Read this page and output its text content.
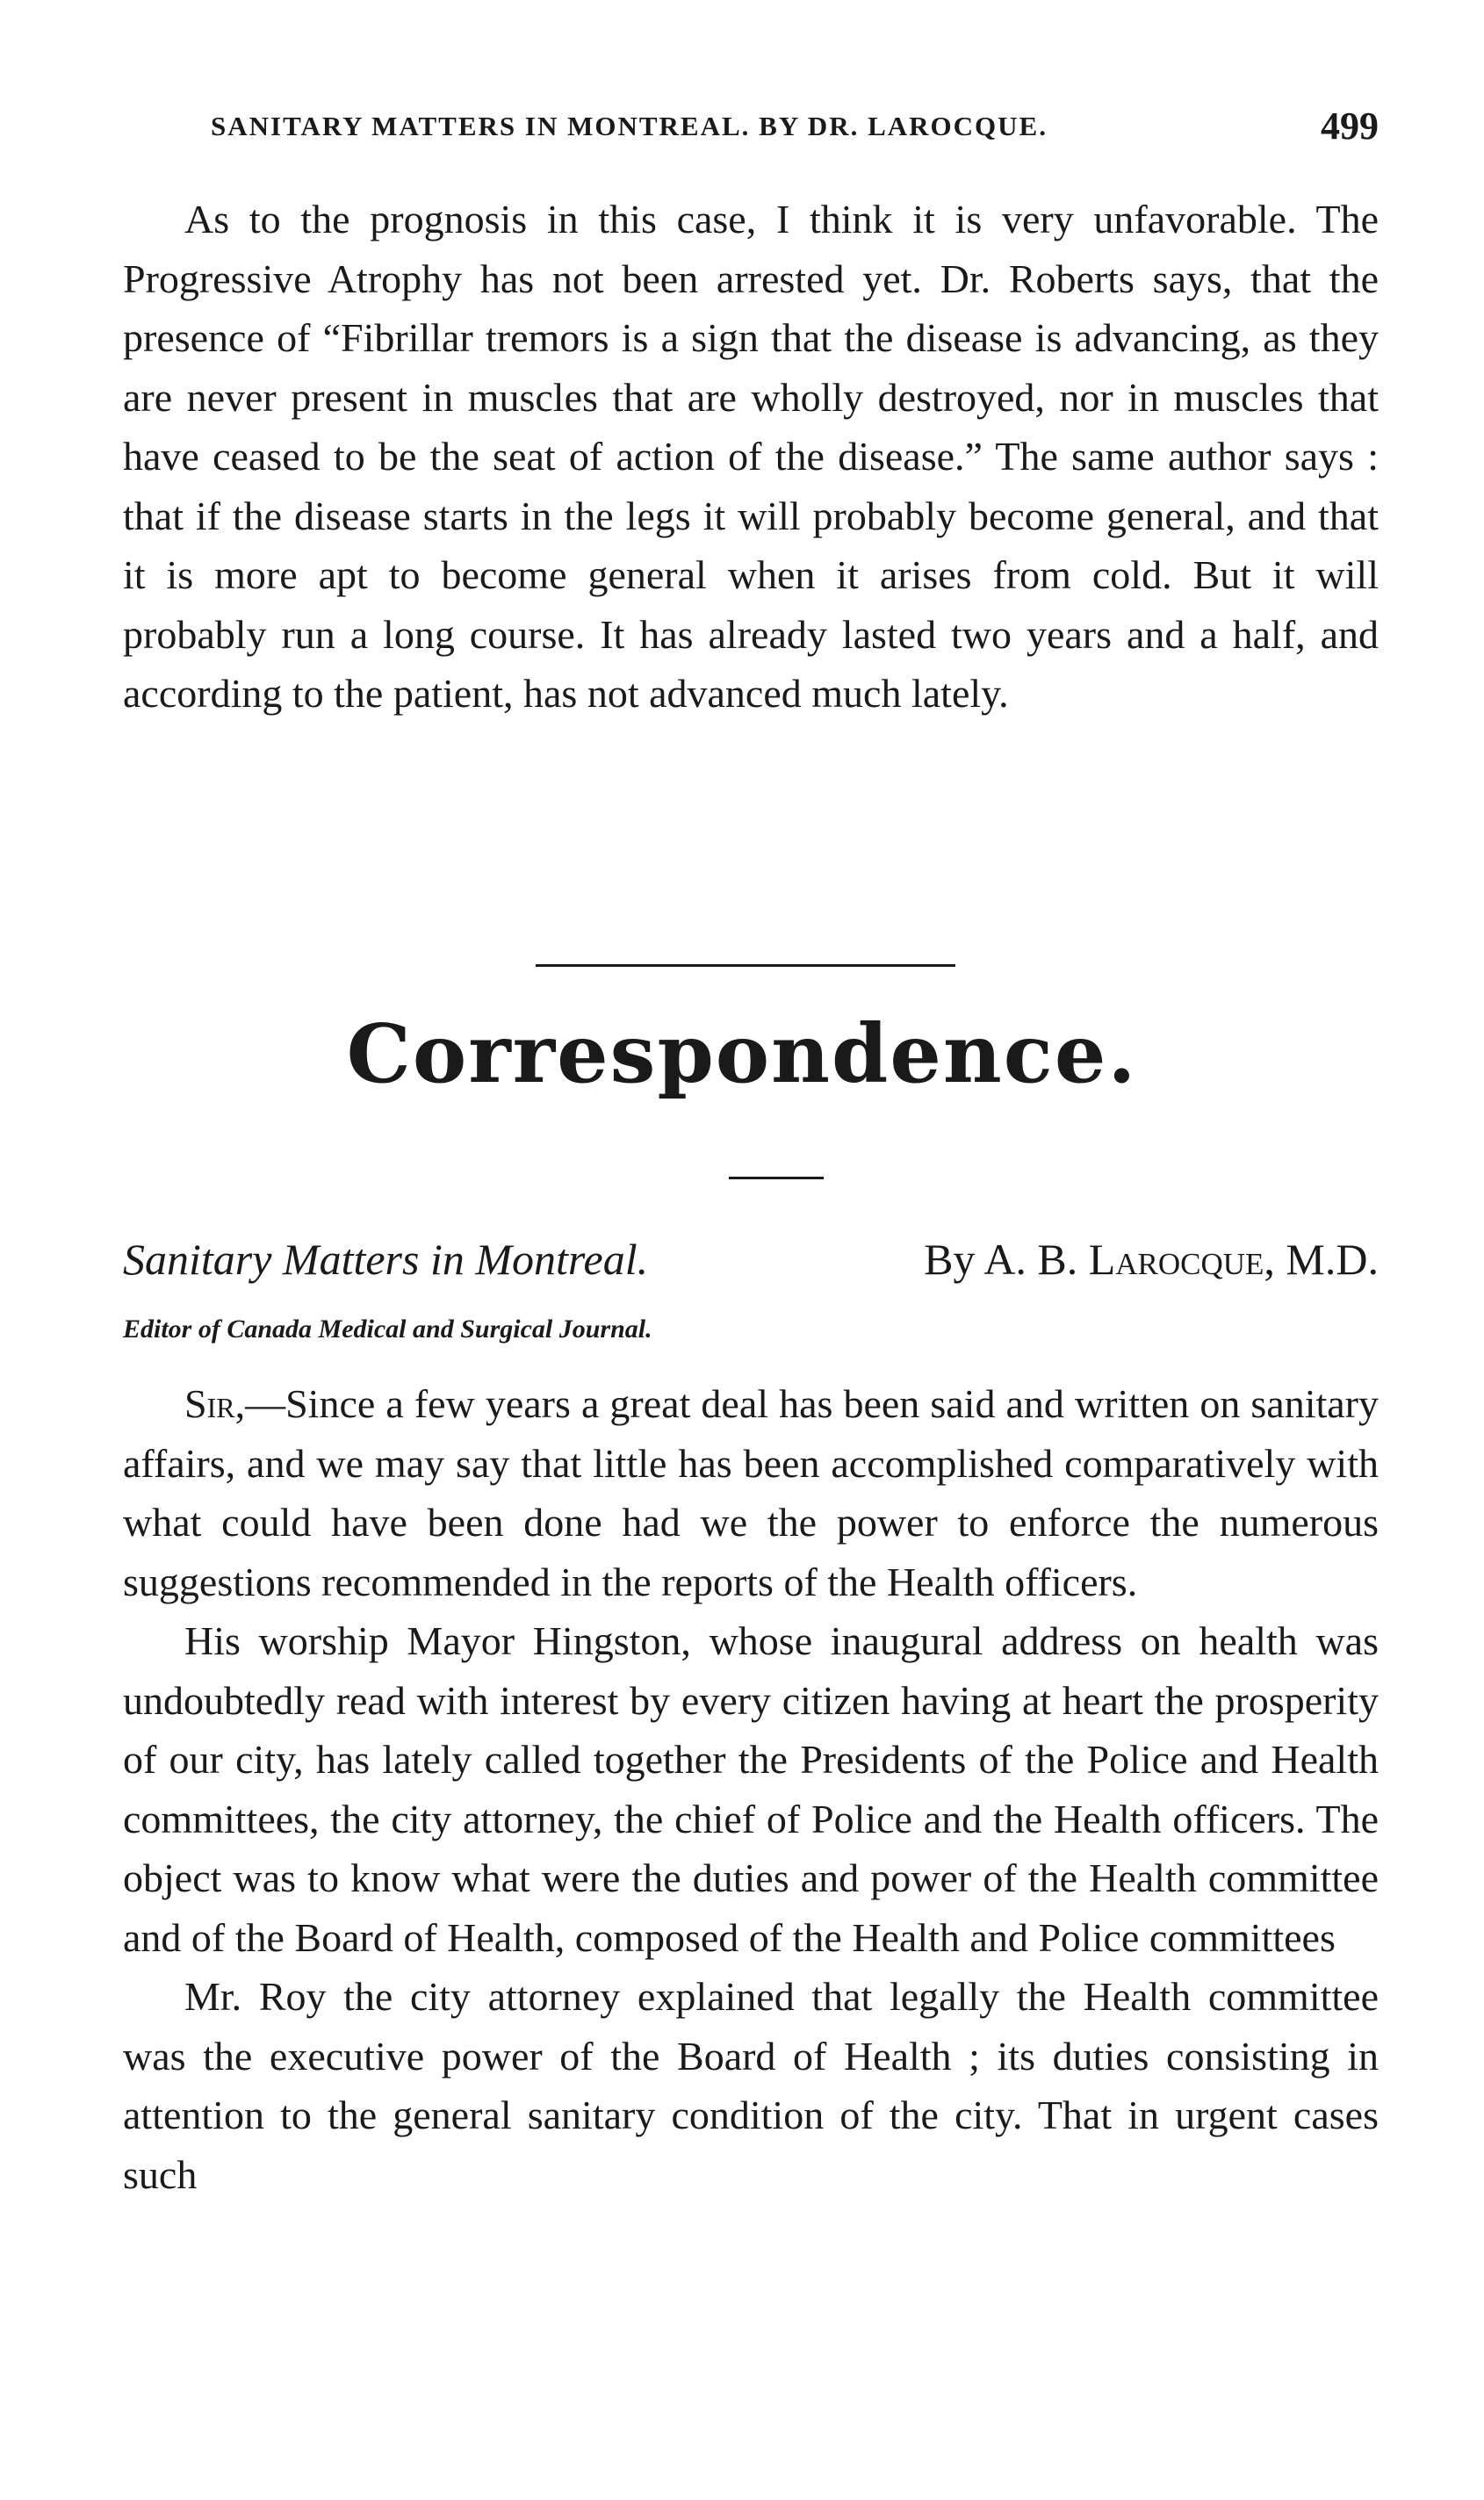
SANITARY MATTERS IN MONTREAL. BY DR. LAROCQUE.	499

As to the prognosis in this case, I think it is very unfavorable. The Progressive Atrophy has not been arrested yet. Dr. Roberts says, that the presence of “Fibrillar tremors is a sign that the disease is advancing, as they are never present in muscles that are wholly destroyed, nor in muscles that have ceased to be the seat of action of the disease.” The same author says : that if the disease starts in the legs it will probably become general, and that it is more apt to become general when it arises from cold. But it will probably run a long course. It has already lasted two years and a half, and according to the patient, has not advanced much lately.

Correspondence.
Sanitary Matters in Montreal.	By A. B. Larocque, M.D.
Editor of Canada Medical and Surgical Journal.

Sir,—Since a few years a great deal has been said and written on sanitary affairs, and we may say that little has been accomplished comparatively with what could have been done had we the power to enforce the numerous suggestions recommended in the reports of the Health officers.

His worship Mayor Hingston, whose inaugural address on health was undoubtedly read with interest by every citizen having at heart the prosperity of our city, has lately called together the Presidents of the Police and Health committees, the city attorney, the chief of Police and the Health officers. The object was to know what were the duties and power of the Health committee and of the Board of Health, composed of the Health and Police committees

Mr. Roy the city attorney explained that legally the Health committee was the executive power of the Board of Health ; its duties consisting in attention to the general sanitary condition of the city. That in urgent cases such
